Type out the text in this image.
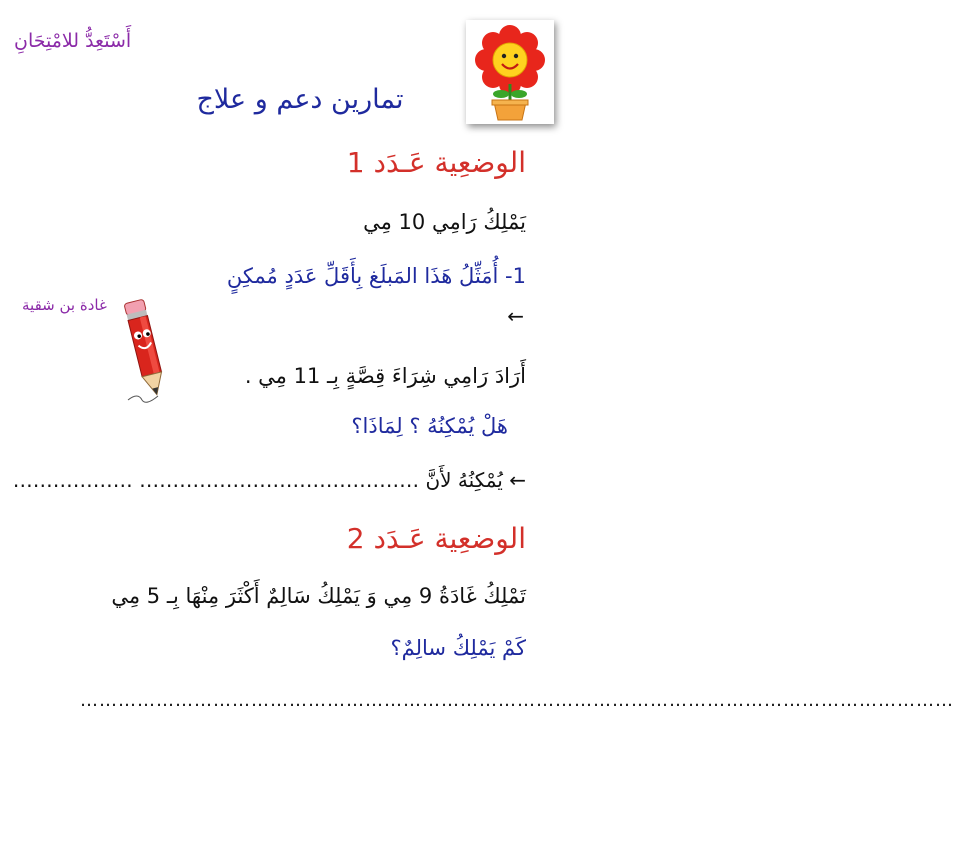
أَسْتَعِدُّ للامْتِحَانِ
تمارين دعم و علاج
الوضعِية عَـدَد 1
يَمْلِكُ رَامِي 10 مِي
1- أُمَثِّلُ هَذَا المَبلَغ بِأَقَلِّ عَدَدٍ مُمكِنٍ
←
غادة بن شقية
أَرَادَ رَامِي شِرَاءَ قِصَّةٍ بِـ 11 مِي .
هَلْ يُمْكِنُهُ ؟ لِمَاذَا؟
← يُمْكِنُهُ لأَنَّ …………………………………… ………………
الوضعِية عَـدَد 2
تَمْلِكُ غَادَةُ 9 مِي وَ يَمْلِكُ سَالِمٌ أَكْثَرَ مِنْهَا بِـ 5 مِي
كَمْ يَمْلِكُ سالِمٌ؟
…………………………………………………………………………………………………………………………
